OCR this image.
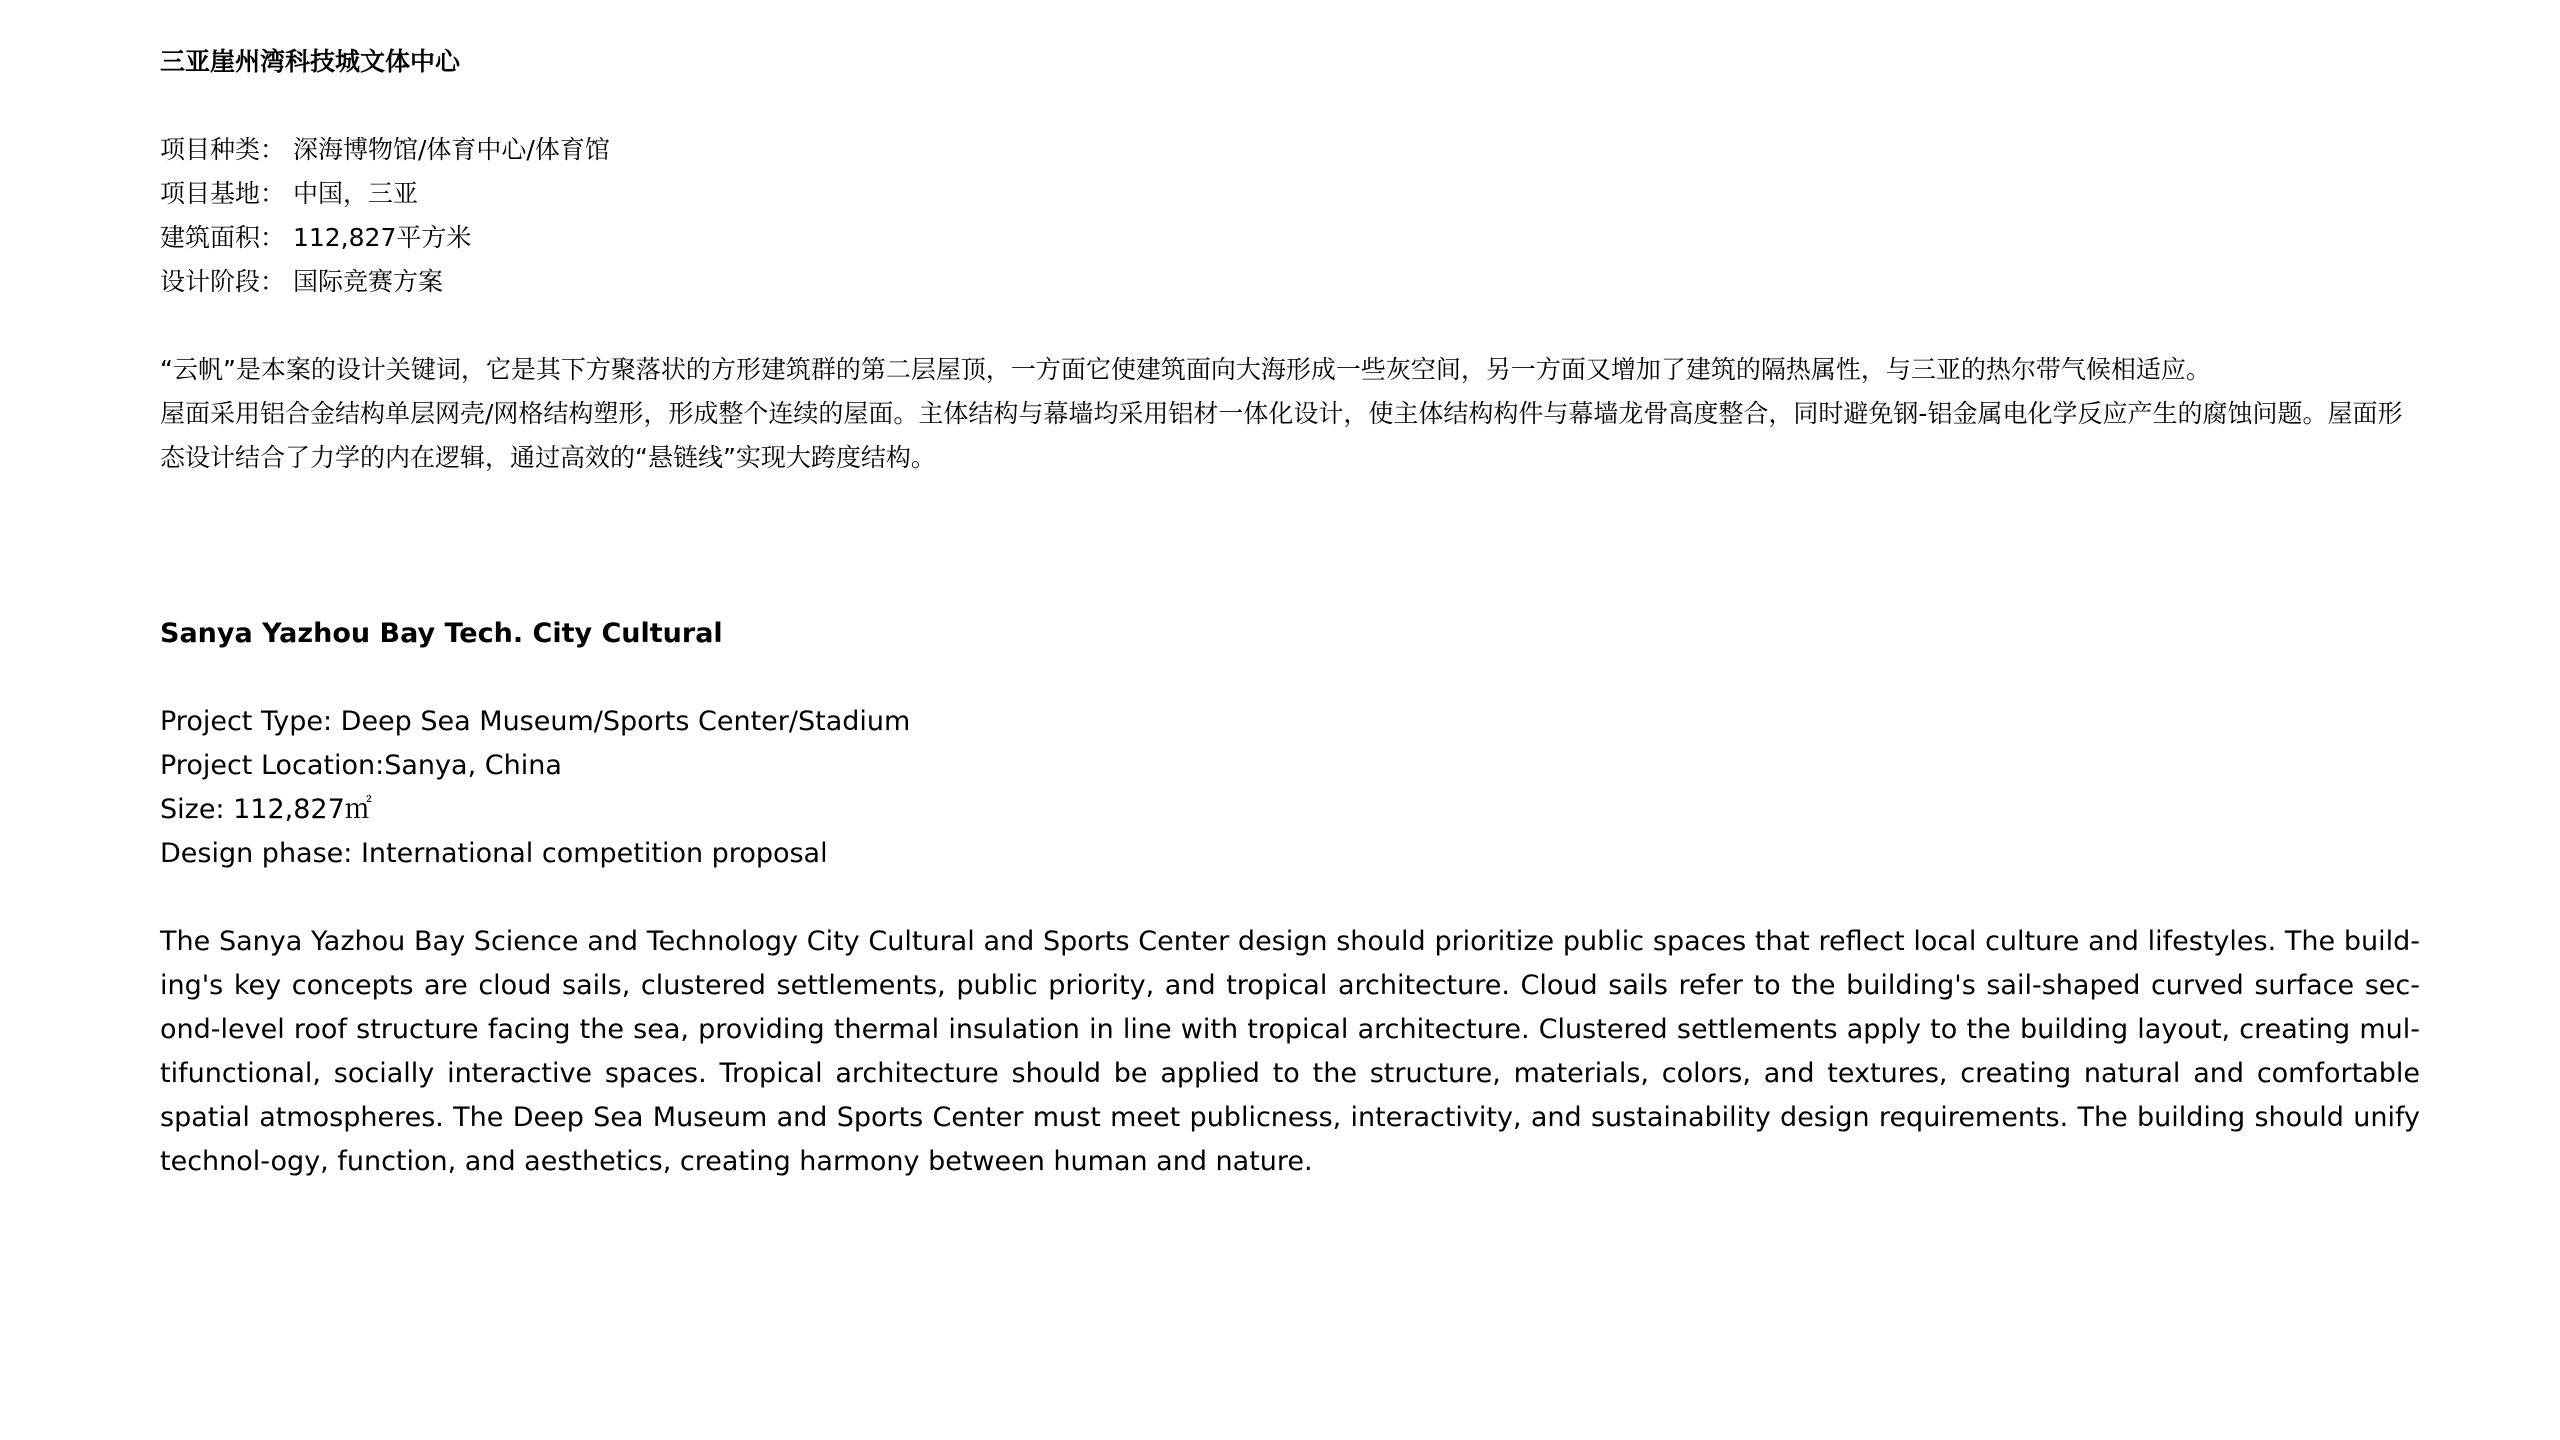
三亚崖州湾科技城文体中心
项目种类： 深海博物馆/体育中心/体育馆
项目基地： 中国，三亚
建筑面积： 112,827平方米
设计阶段： 国际竞赛方案

“云帆”是本案的设计关键词，它是其下方聚落状的方形建筑群的第二层屋顶，一方面它使建筑面向大海形成一些灰空间，另一方面又增加了建筑的隔热属性，与三亚的热尔带气候相适应。

屋面采用铝合金结构单层网壳/网格结构塑形，形成整个连续的屋面。主体结构与幕墙均采用铝材一体化设计，使主体结构构件与幕墙龙骨高度整合，同时避免钢-铝金属电化学反应产生的腐蚀问题。屋面形态设计结合了力学的内在逻辑，通过高效的“悬链线”实现大跨度结构。

Sanya Yazhou Bay Tech. City Cultural
Project Type: Deep Sea Museum/Sports Center/Stadium
Project Location:Sanya, China
Size: 112,827㎡
Design phase: International competition proposal

The Sanya Yazhou Bay Science and Technology City Cultural and Sports Center design should prioritize public spaces that reflect local culture and lifestyles. The build-ing's key concepts are cloud sails, clustered settlements, public priority, and tropical architecture. Cloud sails refer to the building's sail-shaped curved surface sec-ond-level roof structure facing the sea, providing thermal insulation in line with tropical architecture. Clustered settlements apply to the building layout, creating mul-tifunctional, socially interactive spaces. Tropical architecture should be applied to the structure, materials, colors, and textures, creating natural and comfortable spatial atmospheres. The Deep Sea Museum and Sports Center must meet publicness, interactivity, and sustainability design requirements. The building should unify technol-ogy, function, and aesthetics, creating harmony between human and nature.
